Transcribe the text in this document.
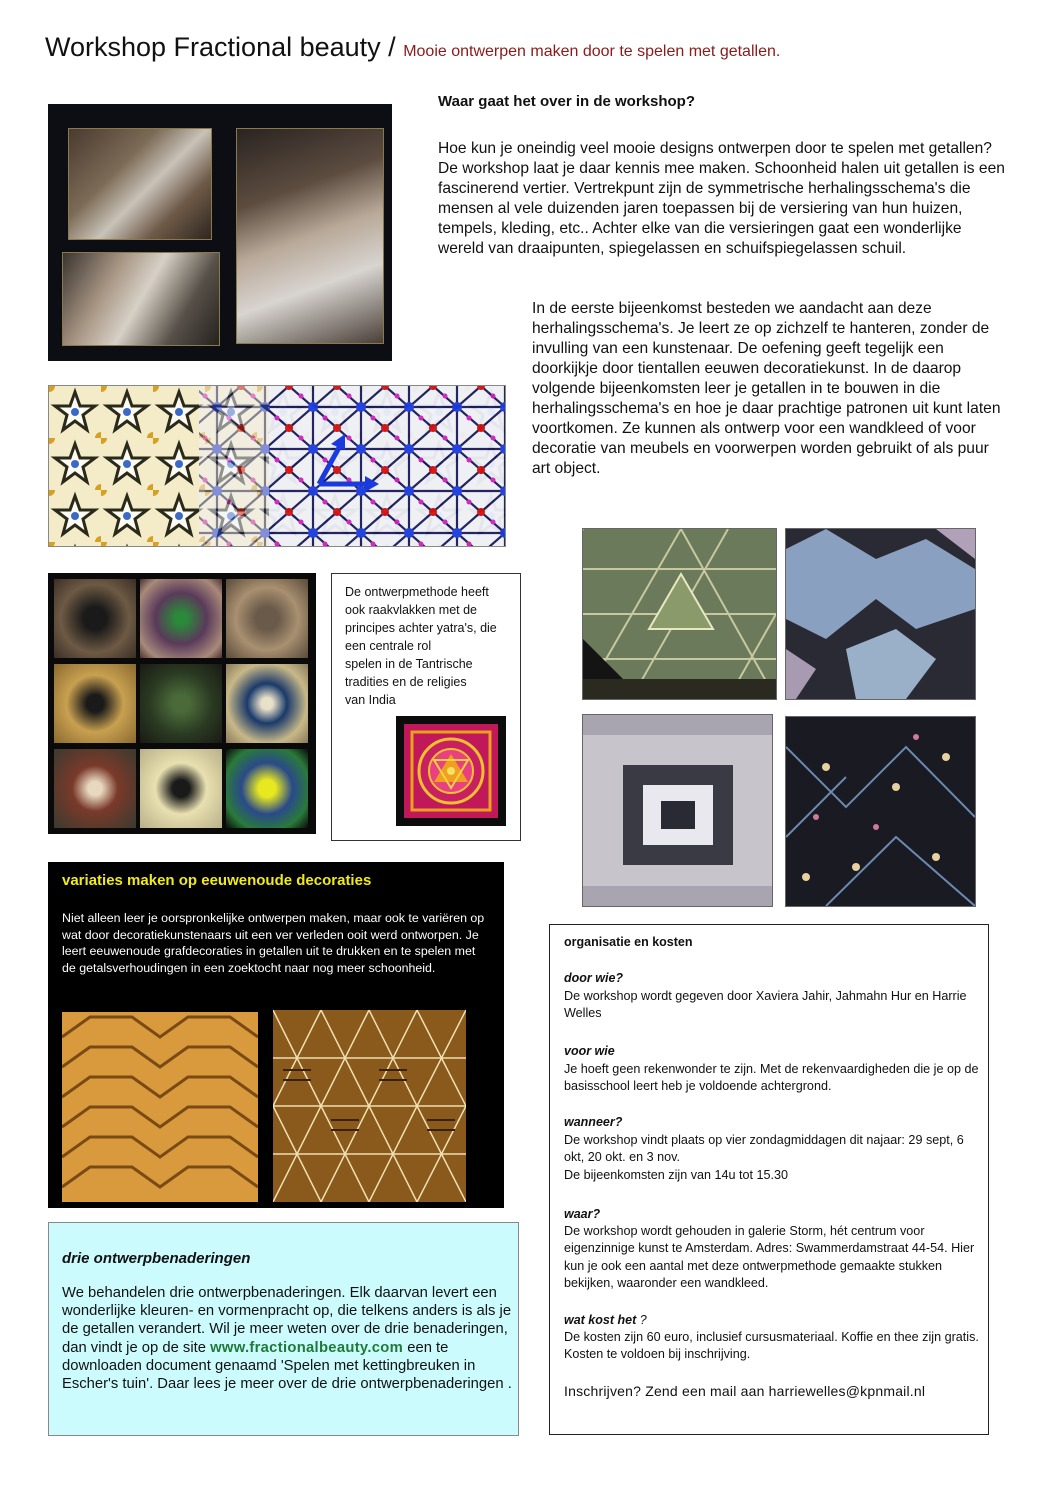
Workshop Fractional beauty / Mooie ontwerpen maken door te spelen met getallen.
Waar gaat het over in de workshop?
Hoe kun je oneindig veel mooie designs ontwerpen door te spelen met getallen? De workshop laat je daar kennis mee maken. Schoonheid halen uit getallen is een fascinerend vertier. Vertrekpunt zijn de symmetrische herhalingsschema's die mensen al vele duizenden jaren toepassen bij de versiering van hun huizen, tempels, kleding, etc.. Achter elke van die versieringen gaat een wonderlijke wereld van draaipunten, spiegelassen en schuifspiegelassen schuil.
In de eerste bijeenkomst besteden we aandacht aan deze herhalingsschema's. Je leert ze op zichzelf te hanteren, zonder de invulling van een kunstenaar. De oefening geeft tegelijk een doorkijkje door tientallen eeuwen decoratiekunst. In de daarop volgende bijeenkomsten leer je getallen in te bouwen in die herhalingsschema's en hoe je daar prachtige patronen uit kunt laten voortkomen. Ze kunnen als ontwerp voor een wandkleed of voor decoratie van meubels en voorwerpen worden gebruikt of als puur art object.
De ontwerpmethode heeft
ook raakvlakken met de
principes achter yatra's, die
een centrale rol
spelen in de Tantrische
tradities en de religies
van India
variaties maken op eeuwenoude decoraties
Niet alleen leer je oorspronkelijke ontwerpen maken, maar ook te variëren op wat door decoratiekunstenaars uit een ver verleden ooit werd ontworpen. Je leert eeuwenoude grafdecoraties in getallen uit te drukken en te spelen met de getalsverhoudingen in een zoektocht naar nog meer schoonheid.
drie ontwerpbenaderingen
We behandelen drie ontwerpbenaderingen. Elk daarvan levert een wonderlijke kleuren- en vormenpracht op, die telkens anders is als je de getallen verandert. Wil je meer weten over de drie benaderingen, dan vindt je op de site www.fractionalbeauty.com een te downloaden document genaamd 'Spelen met kettingbreuken in Escher's tuin'. Daar lees je meer over de drie ontwerpbenaderingen .
organisatie en kosten
door wie?
De workshop wordt gegeven door Xaviera Jahir, Jahmahn Hur en Harrie Welles
voor wie
Je hoeft geen rekenwonder te zijn. Met de rekenvaardigheden die je op de basisschool leert heb je voldoende achtergrond.
wanneer?
De workshop vindt plaats op vier zondagmiddagen dit najaar: 29 sept, 6 okt, 20 okt. en 3 nov.
De bijeenkomsten zijn van 14u tot 15.30
waar?
De workshop wordt gehouden in galerie Storm, hét centrum voor eigenzinnige kunst te Amsterdam. Adres: Swammerdamstraat 44-54. Hier kun je ook een aantal met deze ontwerpmethode gemaakte stukken bekijken, waaronder een wandkleed.
wat kost het ?
De kosten zijn 60 euro, inclusief cursusmateriaal. Koffie en thee zijn gratis. Kosten te voldoen bij inschrijving.
Inschrijven? Zend een mail aan harriewelles@kpnmail.nl
